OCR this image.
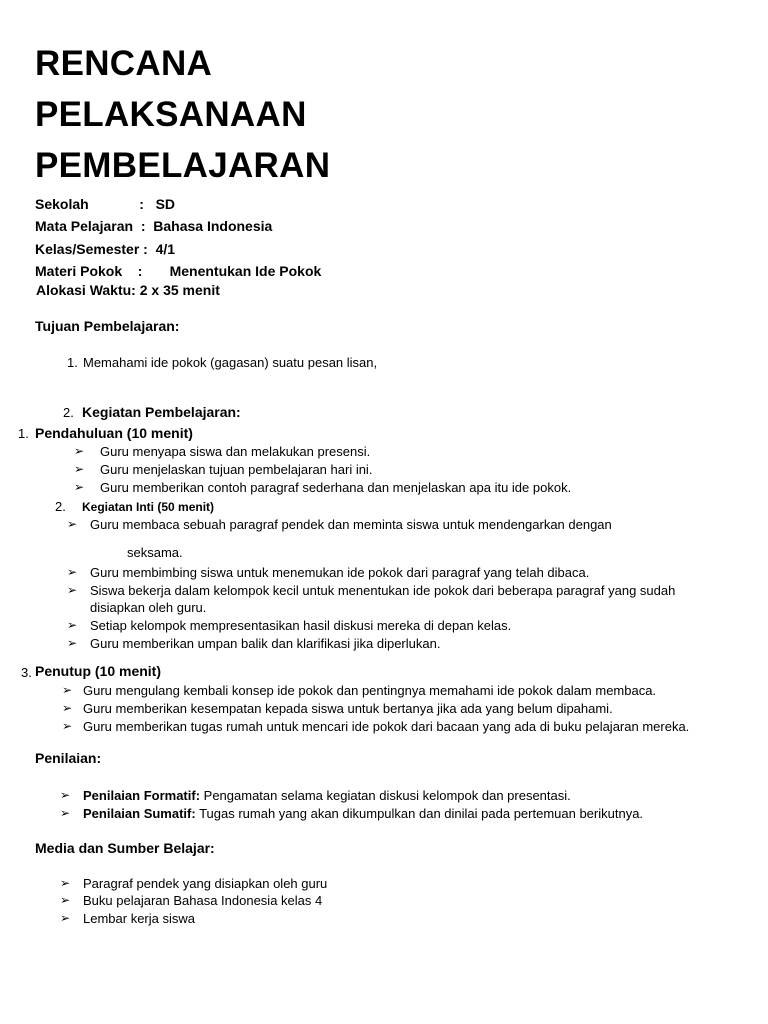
RENCANA
PELAKSANAAN
PEMBELAJARAN
Sekolah             :   SD
Mata Pelajaran  :  Bahasa Indonesia
Kelas/Semester :  4/1
Materi Pokok    :       Menentukan Ide Pokok
Alokasi Waktu: 2 x 35 menit
Tujuan Pembelajaran:
1. Memahami ide pokok (gagasan) suatu pesan lisan,
2. Kegiatan Pembelajaran:
1. Pendahuluan (10 menit)
➢ Guru menyapa siswa dan melakukan presensi.
➢ Guru menjelaskan tujuan pembelajaran hari ini.
➢ Guru memberikan contoh paragraf sederhana dan menjelaskan apa itu ide pokok.
2. Kegiatan Inti (50 menit)
➢ Guru membaca sebuah paragraf pendek dan meminta siswa untuk mendengarkan dengan
seksama.
➢ Guru membimbing siswa untuk menemukan ide pokok dari paragraf yang telah dibaca.
➢ Siswa bekerja dalam kelompok kecil untuk menentukan ide pokok dari beberapa paragraf yang sudah
disiapkan oleh guru.
➢ Setiap kelompok mempresentasikan hasil diskusi mereka di depan kelas.
➢ Guru memberikan umpan balik dan klarifikasi jika diperlukan.
3. Penutup (10 menit)
➢ Guru mengulang kembali konsep ide pokok dan pentingnya memahami ide pokok dalam membaca.
➢ Guru memberikan kesempatan kepada siswa untuk bertanya jika ada yang belum dipahami.
➢ Guru memberikan tugas rumah untuk mencari ide pokok dari bacaan yang ada di buku pelajaran mereka.
Penilaian:
➢ Penilaian Formatif: Pengamatan selama kegiatan diskusi kelompok dan presentasi.
➢ Penilaian Sumatif: Tugas rumah yang akan dikumpulkan dan dinilai pada pertemuan berikutnya.
Media dan Sumber Belajar:
➢ Paragraf pendek yang disiapkan oleh guru
➢ Buku pelajaran Bahasa Indonesia kelas 4
➢ Lembar kerja siswa
